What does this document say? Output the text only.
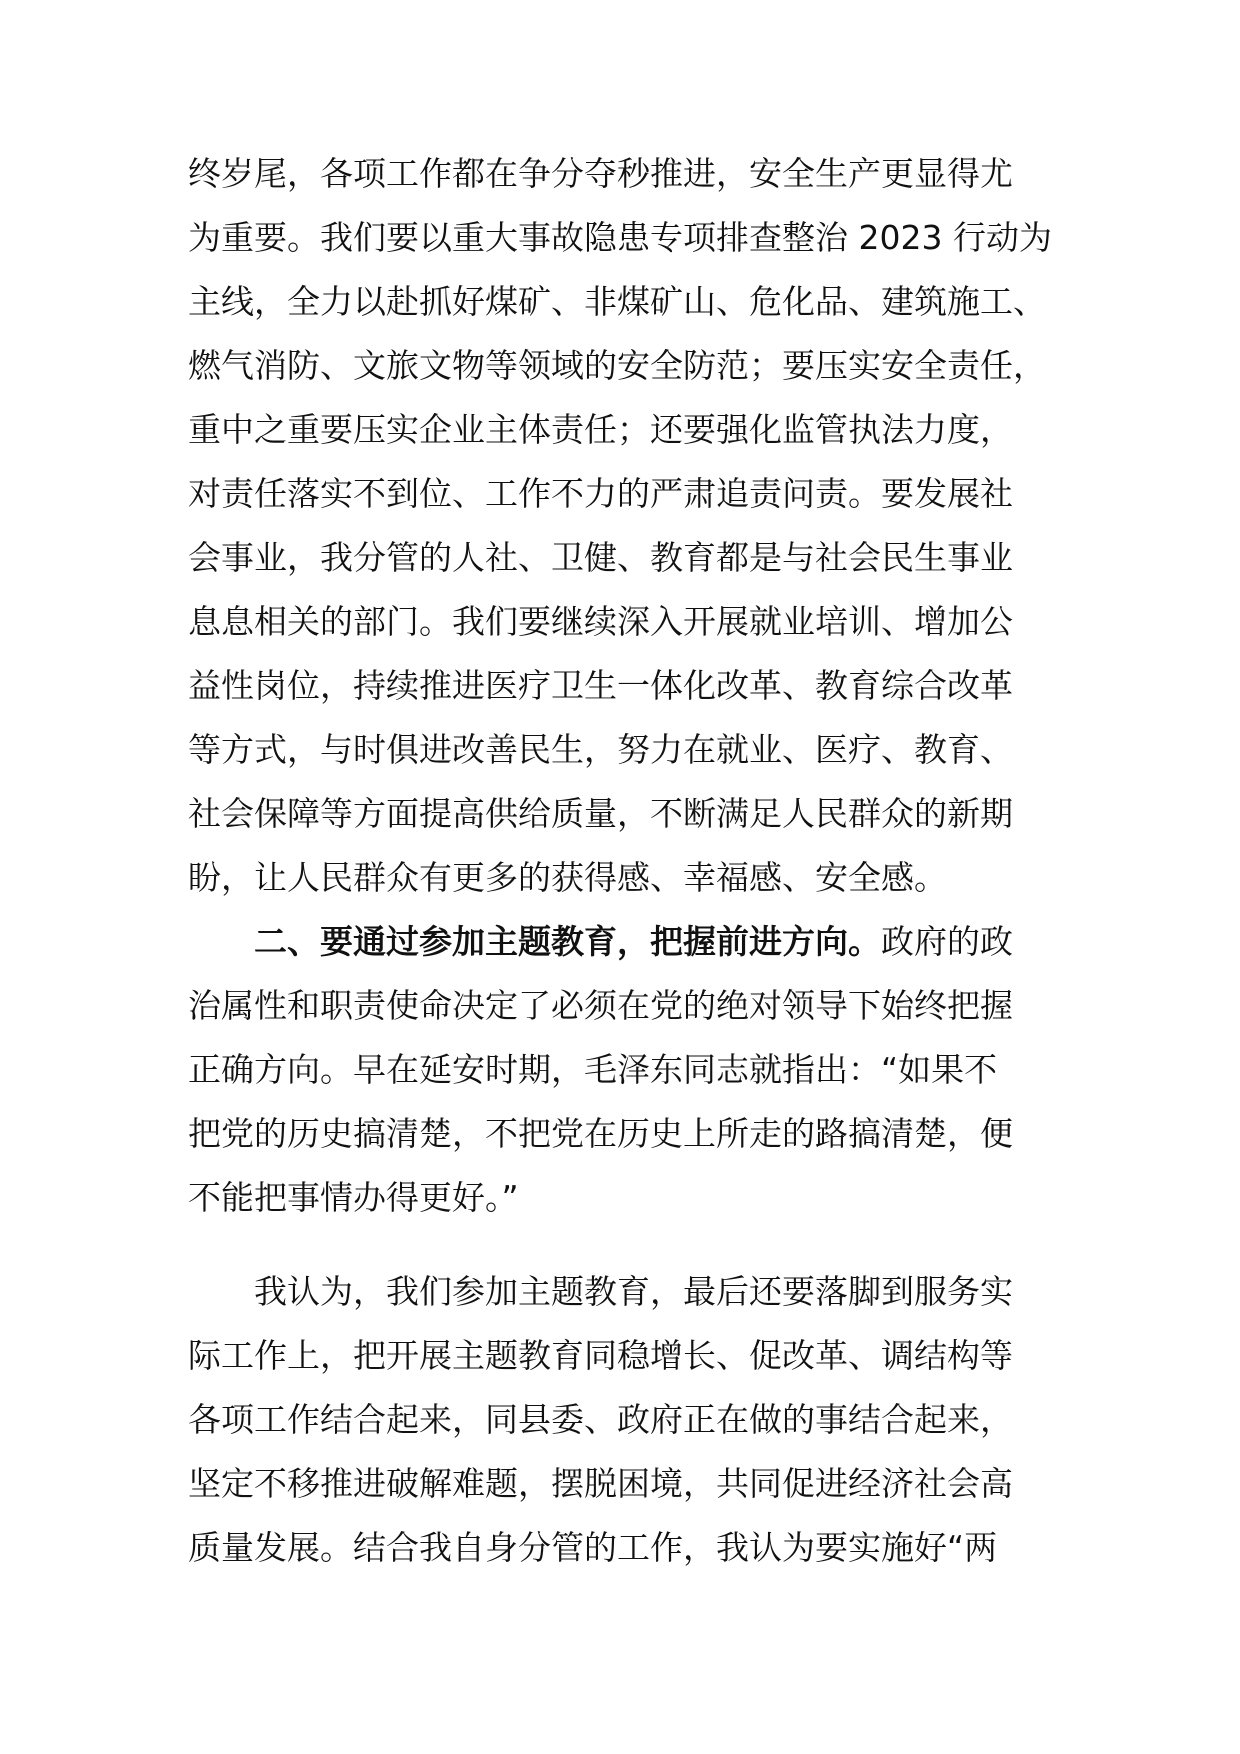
终岁尾，各项工作都在争分夺秒推进，安全生产更显得尤
为重要。我们要以重大事故隐患专项排查整治 2023 行动为
主线，全力以赴抓好煤矿、非煤矿山、危化品、建筑施工、
燃气消防、文旅文物等领域的安全防范；要压实安全责任，
重中之重要压实企业主体责任；还要强化监管执法力度，
对责任落实不到位、工作不力的严肃追责问责。要发展社
会事业，我分管的人社、卫健、教育都是与社会民生事业
息息相关的部门。我们要继续深入开展就业培训、增加公
益性岗位，持续推进医疗卫生一体化改革、教育综合改革
等方式，与时俱进改善民生，努力在就业、医疗、教育、
社会保障等方面提高供给质量，不断满足人民群众的新期
盼，让人民群众有更多的获得感、幸福感、安全感。
二、要通过参加主题教育，把握前进方向。政府的政
治属性和职责使命决定了必须在党的绝对领导下始终把握
正确方向。早在延安时期，毛泽东同志就指出：“如果不
把党的历史搞清楚，不把党在历史上所走的路搞清楚，便
不能把事情办得更好。”
我认为，我们参加主题教育，最后还要落脚到服务实
际工作上，把开展主题教育同稳增长、促改革、调结构等
各项工作结合起来，同县委、政府正在做的事结合起来，
坚定不移推进破解难题，摆脱困境，共同促进经济社会高
质量发展。结合我自身分管的工作，我认为要实施好“两
